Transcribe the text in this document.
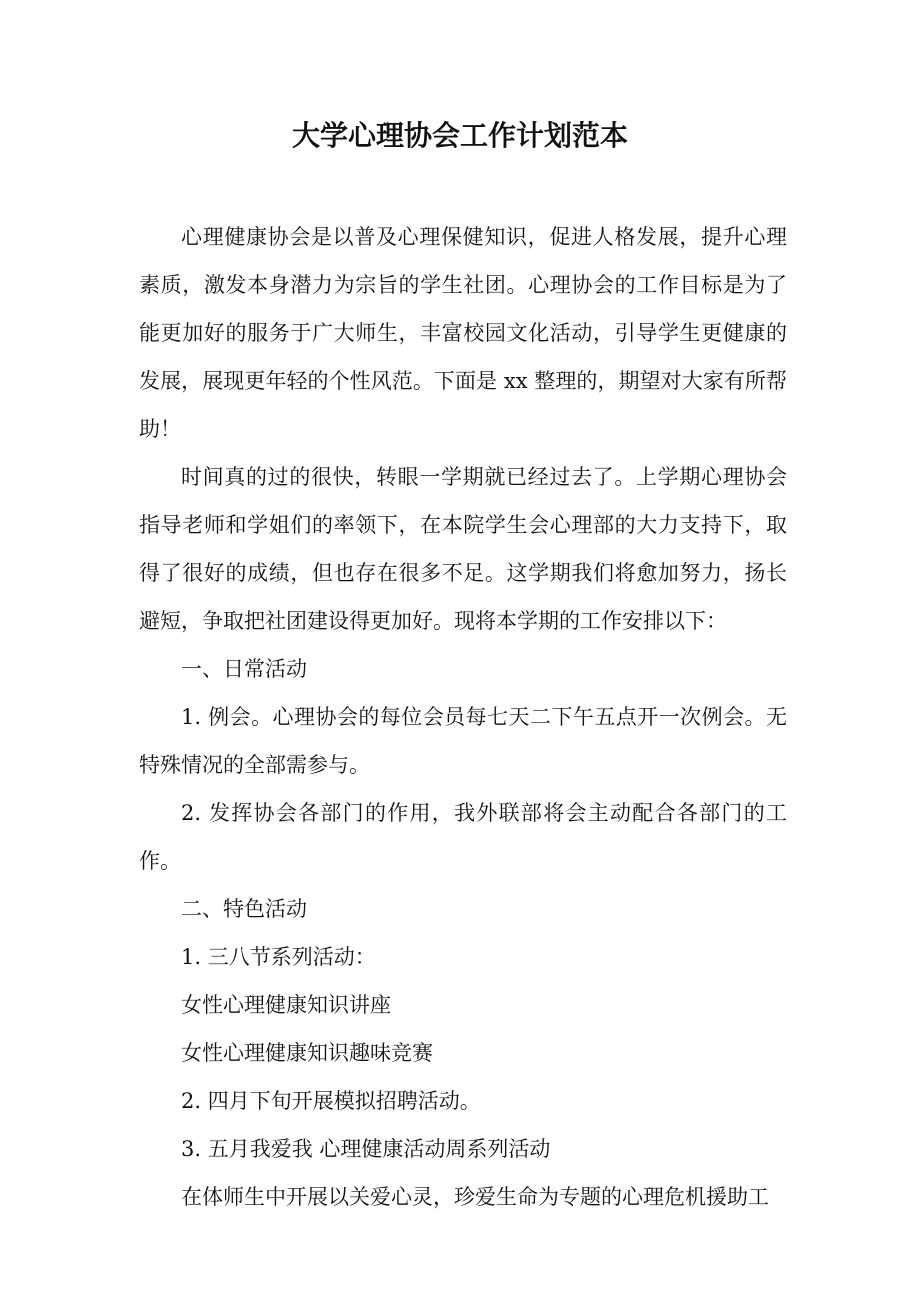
大学心理协会工作计划范本

心理健康协会是以普及心理保健知识，促进人格发展，提升心理素质，激发本身潜力为宗旨的学生社团。心理协会的工作目标是为了能更加好的服务于广大师生，丰富校园文化活动，引导学生更健康的发展，展现更年轻的个性风范。下面是 xx 整理的，期望对大家有所帮助！

时间真的过的很快，转眼一学期就已经过去了。上学期心理协会指导老师和学姐们的率领下，在本院学生会心理部的大力支持下，取得了很好的成绩，但也存在很多不足。这学期我们将愈加努力，扬长避短，争取把社团建设得更加好。现将本学期的工作安排以下：

一、日常活动

1. 例会。心理协会的每位会员每七天二下午五点开一次例会。无特殊情况的全部需参与。

2. 发挥协会各部门的作用，我外联部将会主动配合各部门的工作。

二、特色活动

1. 三八节系列活动：

女性心理健康知识讲座

女性心理健康知识趣味竞赛

2. 四月下旬开展模拟招聘活动。

3. 五月我爱我 心理健康活动周系列活动

在体师生中开展以关爱心灵，珍爱生命为专题的心理危机援助工
